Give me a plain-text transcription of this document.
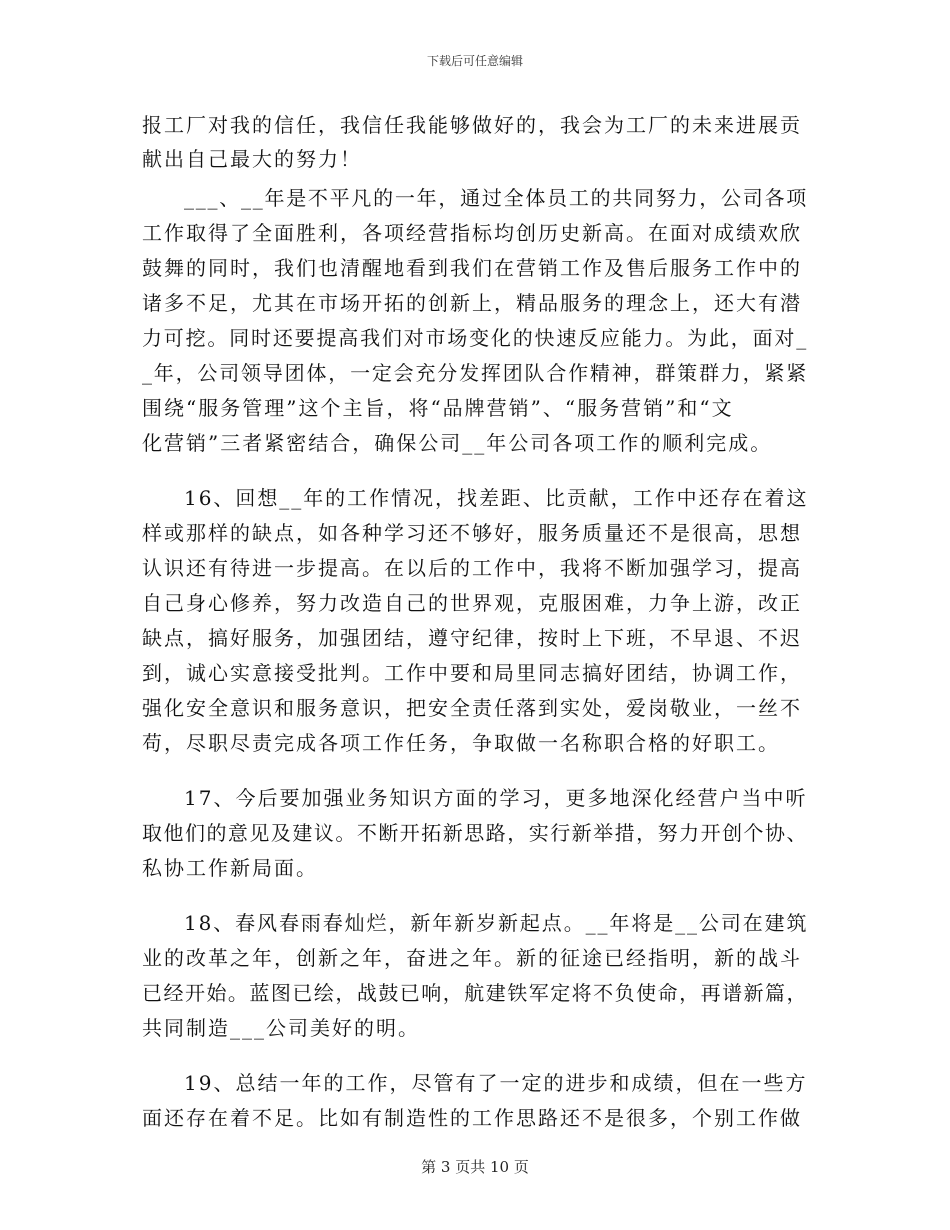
下载后可任意编辑
报工厂对我的信任，我信任我能够做好的，我会为工厂的未来进展贡
献出自己最大的努力！
___、__年是不平凡的一年，通过全体员工的共同努力，公司各项
工作取得了全面胜利，各项经营指标均创历史新高。在面对成绩欢欣
鼓舞的同时，我们也清醒地看到我们在营销工作及售后服务工作中的
诸多不足，尤其在市场开拓的创新上，精品服务的理念上，还大有潜
力可挖。同时还要提高我们对市场变化的快速反应能力。为此，面对_
_年，公司领导团体，一定会充分发挥团队合作精神，群策群力，紧紧
围绕“服务管理”这个主旨，将“品牌营销”、“服务营销”和“文
化营销”三者紧密结合，确保公司__年公司各项工作的顺利完成。
16、回想__年的工作情况，找差距、比贡献，工作中还存在着这
样或那样的缺点，如各种学习还不够好，服务质量还不是很高，思想
认识还有待进一步提高。在以后的工作中，我将不断加强学习，提高
自己身心修养，努力改造自己的世界观，克服困难，力争上游，改正
缺点，搞好服务，加强团结，遵守纪律，按时上下班，不早退、不迟
到，诚心实意接受批判。工作中要和局里同志搞好团结，协调工作，
强化安全意识和服务意识，把安全责任落到实处，爱岗敬业，一丝不
苟，尽职尽责完成各项工作任务，争取做一名称职合格的好职工。
17、今后要加强业务知识方面的学习，更多地深化经营户当中听
取他们的意见及建议。不断开拓新思路，实行新举措，努力开创个协、
私协工作新局面。
18、春风春雨春灿烂，新年新岁新起点。__年将是__公司在建筑
业的改革之年，创新之年，奋进之年。新的征途已经指明，新的战斗
已经开始。蓝图已绘，战鼓已响，航建铁军定将不负使命，再谱新篇，
共同制造___公司美好的明。
19、总结一年的工作，尽管有了一定的进步和成绩，但在一些方
面还存在着不足。比如有制造性的工作思路还不是很多，个别工作做
第 3 页共 10 页
